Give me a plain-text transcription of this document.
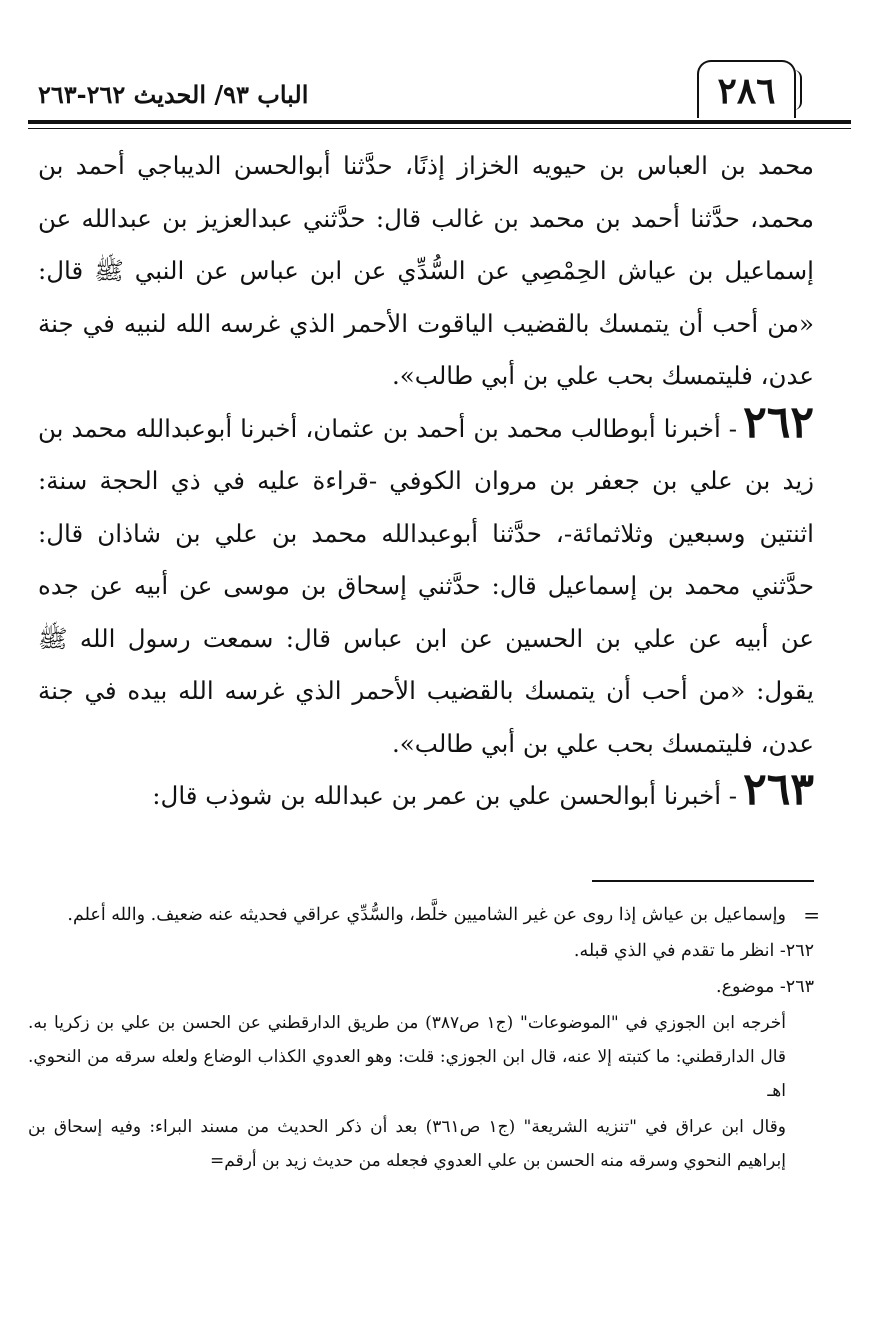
٢٨٦
الباب ٩٣/ الحديث ٢٦٢-٢٦٣

محمد بن العباس بن حيويه الخزاز إذنًا، حدَّثنا أبوالحسن الديباجي أحمد بن محمد، حدَّثنا أحمد بن محمد بن غالب قال: حدَّثني عبدالعزيز بن عبدالله عن إسماعيل بن عياش الحِمْصِي عن السُّدِّي عن ابن عباس عن النبي ﷺ قال: «من أحب أن يتمسك بالقضيب الياقوت الأحمر الذي غرسه الله لنبيه في جنة عدن، فليتمسك بحب علي بن أبي طالب».

٢٦٢- أخبرنا أبوطالب محمد بن أحمد بن عثمان، أخبرنا أبوعبدالله محمد بن زيد بن علي بن جعفر بن مروان الكوفي -قراءة عليه في ذي الحجة سنة: اثنتين وسبعين وثلاثمائة-، حدَّثنا أبوعبدالله محمد بن علي بن شاذان قال: حدَّثني محمد بن إسماعيل قال: حدَّثني إسحاق بن موسى عن أبيه عن جده عن أبيه عن علي بن الحسين عن ابن عباس قال: سمعت رسول الله ﷺ يقول: «من أحب أن يتمسك بالقضيب الأحمر الذي غرسه الله بيده في جنة عدن، فليتمسك بحب علي بن أبي طالب».

٢٦٣- أخبرنا أبوالحسن علي بن عمر بن عبدالله بن شوذب قال:

=
وإسماعيل بن عياش إذا روى عن غير الشاميين خلَّط، والسُّدِّي عراقي فحديثه عنه ضعيف. والله أعلم.

٢٦٢- انظر ما تقدم في الذي قبله.

٢٦٣- موضوع.

أخرجه ابن الجوزي في "الموضوعات" (ج١ ص٣٨٧) من طريق الدارقطني عن الحسن بن علي بن زكريا به. قال الدارقطني: ما كتبته إلا عنه، قال ابن الجوزي: قلت: وهو العدوي الكذاب الوضاع ولعله سرقه من النحوي. اهـ

وقال ابن عراق في "تنزيه الشريعة" (ج١ ص٣٦١) بعد أن ذكر الحديث من مسند البراء: وفيه إسحاق بن إبراهيم النحوي وسرقه منه الحسن بن علي العدوي فجعله من حديث زيد بن أرقم=
